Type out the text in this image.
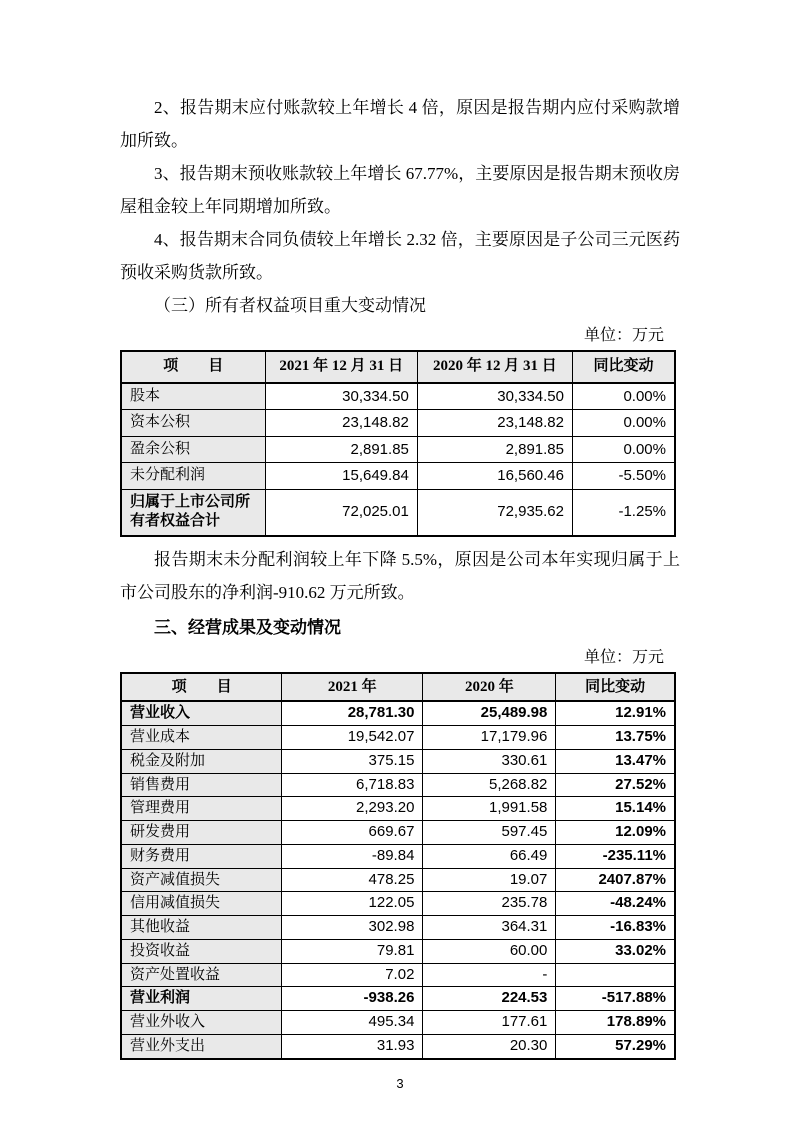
2、报告期末应付账款较上年增长 4 倍，原因是报告期内应付采购款增加所致。

3、报告期末预收账款较上年增长 67.77%，主要原因是报告期末预收房屋租金较上年同期增加所致。

4、报告期末合同负债较上年增长 2.32 倍，主要原因是子公司三元医药预收采购货款所致。

（三）所有者权益项目重大变动情况

单位：万元
项　　目	2021 年 12 月 31 日	2020 年 12 月 31 日	同比变动
股本	30,334.50	30,334.50	0.00%
资本公积	23,148.82	23,148.82	0.00%
盈余公积	2,891.85	2,891.85	0.00%
未分配利润	15,649.84	16,560.46	-5.50%
归属于上市公司所有者权益合计	72,025.01	72,935.62	-1.25%

报告期末未分配利润较上年下降 5.5%，原因是公司本年实现归属于上市公司股东的净利润-910.62 万元所致。

三、经营成果及变动情况

单位：万元
项　　目	2021 年	2020 年	同比变动
营业收入	28,781.30	25,489.98	12.91%
营业成本	19,542.07	17,179.96	13.75%
税金及附加	375.15	330.61	13.47%
销售费用	6,718.83	5,268.82	27.52%
管理费用	2,293.20	1,991.58	15.14%
研发费用	669.67	597.45	12.09%
财务费用	-89.84	66.49	-235.11%
资产减值损失	478.25	19.07	2407.87%
信用减值损失	122.05	235.78	-48.24%
其他收益	302.98	364.31	-16.83%
投资收益	79.81	60.00	33.02%
资产处置收益	7.02	-	
营业利润	-938.26	224.53	-517.88%
营业外收入	495.34	177.61	178.89%
营业外支出	31.93	20.30	57.29%
3
